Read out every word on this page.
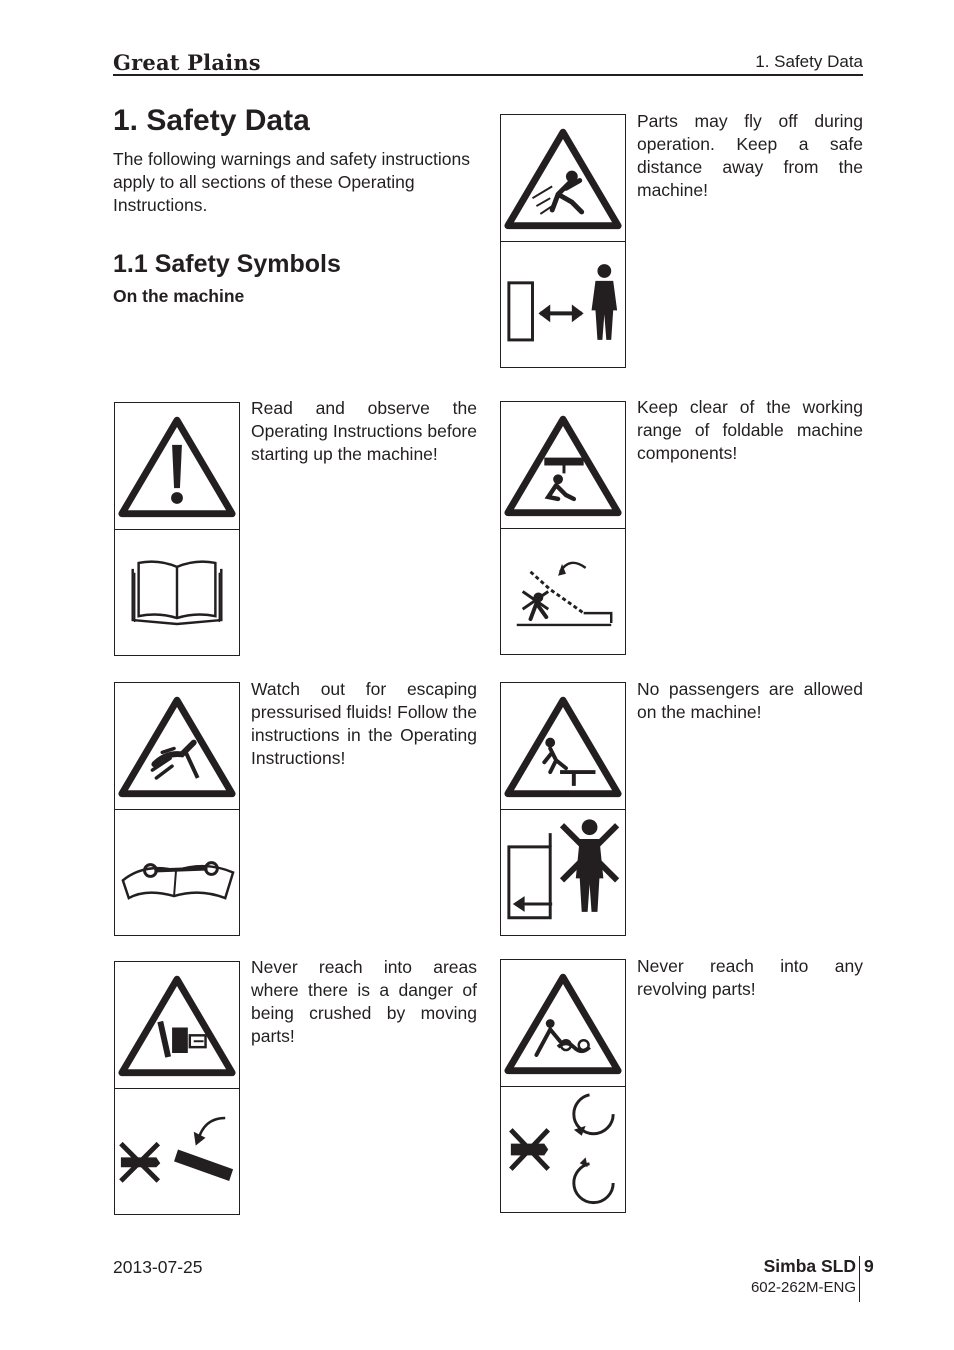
Great Plains	1. Safety Data
1. Safety Data
The following warnings and safety instructions apply to all sections of these Operating Instructions.
1.1 Safety Symbols
On the machine
Parts may fly off during operation. Keep a safe distance away from the machine!
Read and observe the Operating Instructions before starting up the machine!
Keep clear of the working range of foldable machine components!
Watch out for escaping pressurised fluids! Follow the instructions in the Operating Instructions!
No passengers are allowed on the machine!
Never reach into areas where there is a danger of being crushed by moving parts!
Never reach into any revolving parts!
2013-07-25	Simba SLD
602-262M-ENG
9
